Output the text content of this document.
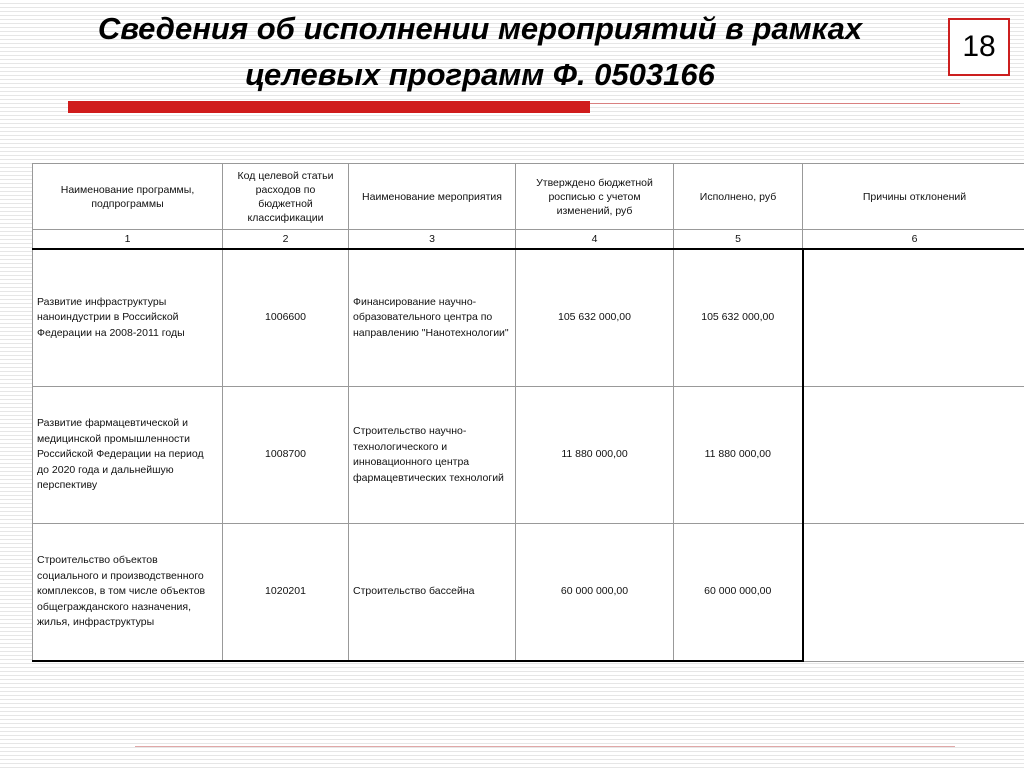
Сведения об исполнении мероприятий в рамках целевых программ Ф. 0503166
18
Наименование программы, подпрограммы	Код целевой статьи расходов по бюджетной классификации	Наименование мероприятия	Утверждено бюджетной росписью с учетом изменений, руб	Исполнено, руб	Причины отклонений
1	2	3	4	5	6
Развитие инфраструктуры наноиндустрии в Российской Федерации на 2008-2011 годы	1006600	Финансирование научно-образовательного центра по направлению "Нанотехнологии"	105 632 000,00	105 632 000,00	
Развитие фармацевтической и медицинской промышленности Российской Федерации на период до 2020 года и дальнейшую перспективу	1008700	Строительство научно-технологического и инновационного центра фармацевтических технологий	11 880 000,00	11 880 000,00	
Строительство объектов социального и производственного комплексов, в том числе объектов общегражданского назначения, жилья, инфраструктуры	1020201	Строительство бассейна	60 000 000,00	60 000 000,00	
